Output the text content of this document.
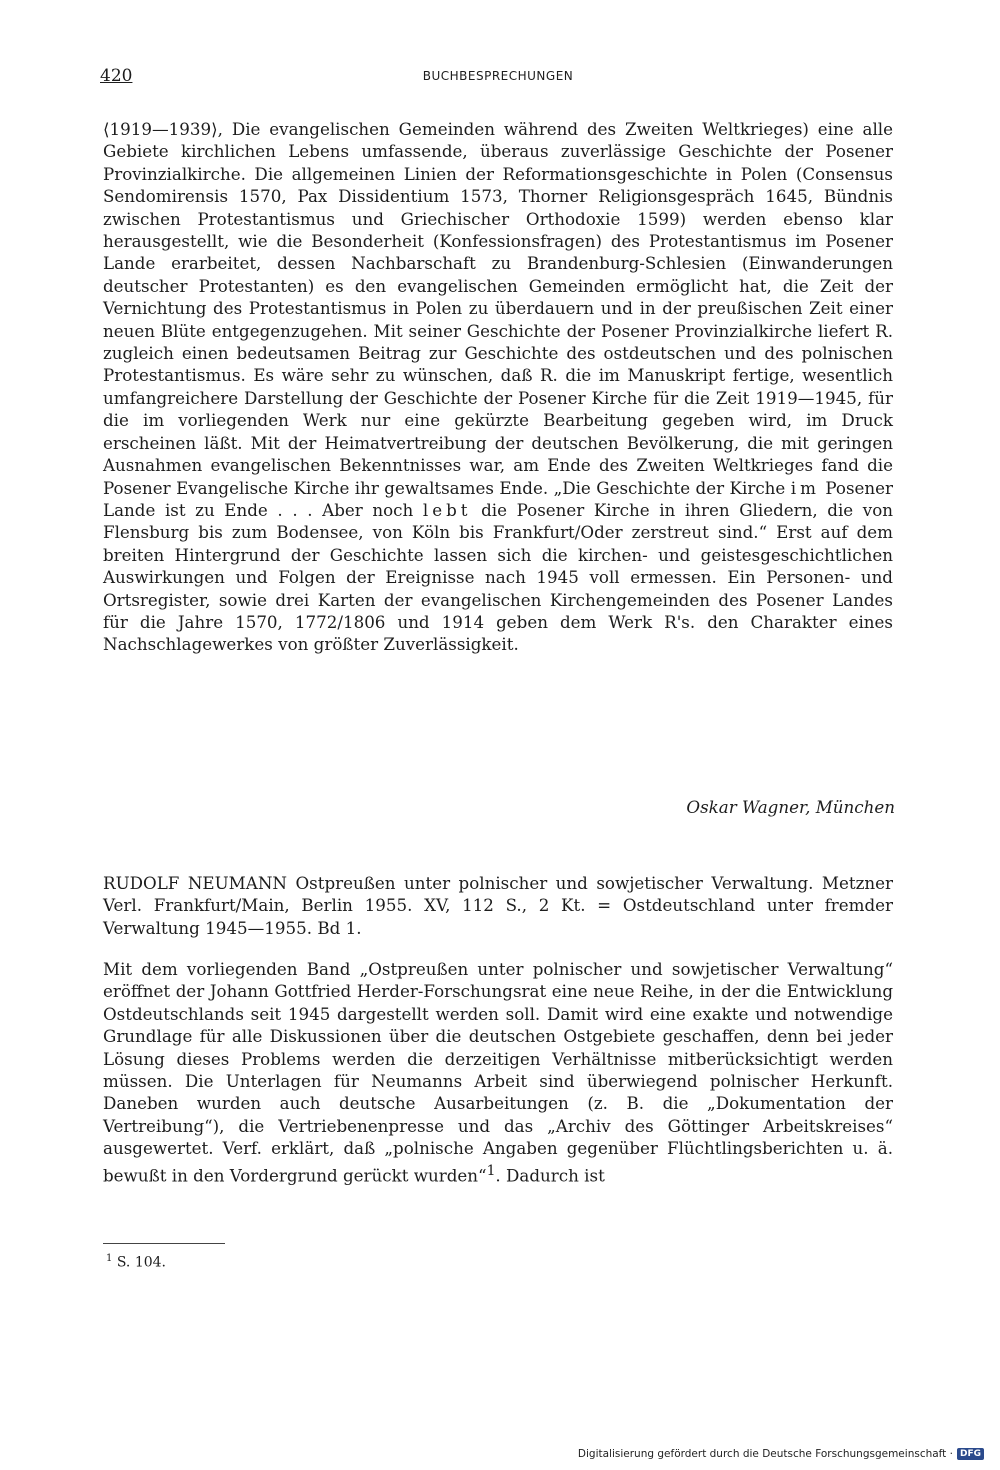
420	BUCHBESPRECHUNGEN
⟨1919—1939⟩, Die evangelischen Gemeinden während des Zweiten Weltkrieges) eine alle Gebiete kirchlichen Lebens umfassende, überaus zuverlässige Geschichte der Posener Provinzialkirche. Die allgemeinen Linien der Reformationsgeschichte in Polen (Consensus Sendomirensis 1570, Pax Dissidentium 1573, Thorner Religionsgespräch 1645, Bündnis zwischen Protestantismus und Griechischer Orthodoxie 1599) werden ebenso klar herausgestellt, wie die Besonderheit (Konfessionsfragen) des Protestantismus im Posener Lande erarbeitet, dessen Nachbarschaft zu Brandenburg-Schlesien (Einwanderungen deutscher Protestanten) es den evangelischen Gemeinden ermöglicht hat, die Zeit der Vernichtung des Protestantismus in Polen zu überdauern und in der preußischen Zeit einer neuen Blüte entgegenzugehen. Mit seiner Geschichte der Posener Provinzialkirche liefert R. zugleich einen bedeutsamen Beitrag zur Geschichte des ostdeutschen und des polnischen Protestantismus. Es wäre sehr zu wünschen, daß R. die im Manuskript fertige, wesentlich umfangreichere Darstellung der Geschichte der Posener Kirche für die Zeit 1919—1945, für die im vorliegenden Werk nur eine gekürzte Bearbeitung gegeben wird, im Druck erscheinen läßt. Mit der Heimatvertreibung der deutschen Bevölkerung, die mit geringen Ausnahmen evangelischen Bekenntnisses war, am Ende des Zweiten Weltkrieges fand die Posener Evangelische Kirche ihr gewaltsames Ende. „Die Geschichte der Kirche im Posener Lande ist zu Ende . . . Aber noch lebt die Posener Kirche in ihren Gliedern, die von Flensburg bis zum Bodensee, von Köln bis Frankfurt/Oder zerstreut sind.“ Erst auf dem breiten Hintergrund der Geschichte lassen sich die kirchen- und geistesgeschichtlichen Auswirkungen und Folgen der Ereignisse nach 1945 voll ermessen. Ein Personen- und Ortsregister, sowie drei Karten der evangelischen Kirchengemeinden des Posener Landes für die Jahre 1570, 1772/1806 und 1914 geben dem Werk R's. den Charakter eines Nachschlagewerkes von größter Zuverlässigkeit.
Oskar Wagner, München
RUDOLF NEUMANN Ostpreußen unter polnischer und sowjetischer Verwaltung. Metzner Verl. Frankfurt/Main, Berlin 1955. XV, 112 S., 2 Kt. = Ostdeutschland unter fremder Verwaltung 1945—1955. Bd 1.
Mit dem vorliegenden Band „Ostpreußen unter polnischer und sowjetischer Verwaltung“ eröffnet der Johann Gottfried Herder-Forschungsrat eine neue Reihe, in der die Entwicklung Ostdeutschlands seit 1945 dargestellt werden soll. Damit wird eine exakte und notwendige Grundlage für alle Diskussionen über die deutschen Ostgebiete geschaffen, denn bei jeder Lösung dieses Problems werden die derzeitigen Verhältnisse mitberücksichtigt werden müssen. Die Unterlagen für Neumanns Arbeit sind überwiegend polnischer Herkunft. Daneben wurden auch deutsche Ausarbeitungen (z. B. die „Dokumentation der Vertreibung“), die Vertriebenenpresse und das „Archiv des Göttinger Arbeitskreises“ ausgewertet. Verf. erklärt, daß „polnische Angaben gegenüber Flüchtlingsberichten u. ä. bewußt in den Vordergrund gerückt wurden“$^1$. Dadurch ist
$^1$ S. 104.
Digitalisierung gefördert durch die Deutsche Forschungsgemeinschaft · DFG
